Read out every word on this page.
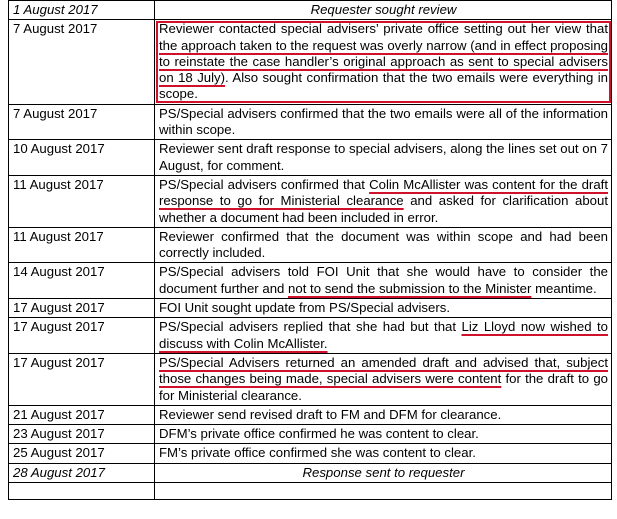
1 August 2017	Requester sought review
7 August 2017	Reviewer contacted special advisers’ private office setting out her view that the approach taken to the request was overly narrow (and in effect proposing to reinstate the case handler’s original approach as sent to special advisers on 18 July). Also sought confirmation that the two emails were everything in scope.
7 August 2017	PS/Special advisers confirmed that the two emails were all of the information within scope.
10 August 2017	Reviewer sent draft response to special advisers, along the lines set out on 7 August, for comment.
11 August 2017	PS/Special advisers confirmed that Colin McAllister was content for the draft response to go for Ministerial clearance and asked for clarification about whether a document had been included in error.
11 August 2017	Reviewer confirmed that the document was within scope and had been correctly included.
14 August 2017	PS/Special advisers told FOI Unit that she would have to consider the document further and not to send the submission to the Minister meantime.
17 August 2017	FOI Unit sought update from PS/Special advisers.
17 August 2017	PS/Special advisers replied that she had but that Liz Lloyd now wished to discuss with Colin McAllister.
17 August 2017	PS/Special Advisers returned an amended draft and advised that, subject those changes being made, special advisers were content for the draft to go for Ministerial clearance.
21 August 2017	Reviewer send revised draft to FM and DFM for clearance.
23 August 2017	DFM’s private office confirmed he was content to clear.
25 August 2017	FM’s private office confirmed she was content to clear.
28 August 2017	Response sent to requester
